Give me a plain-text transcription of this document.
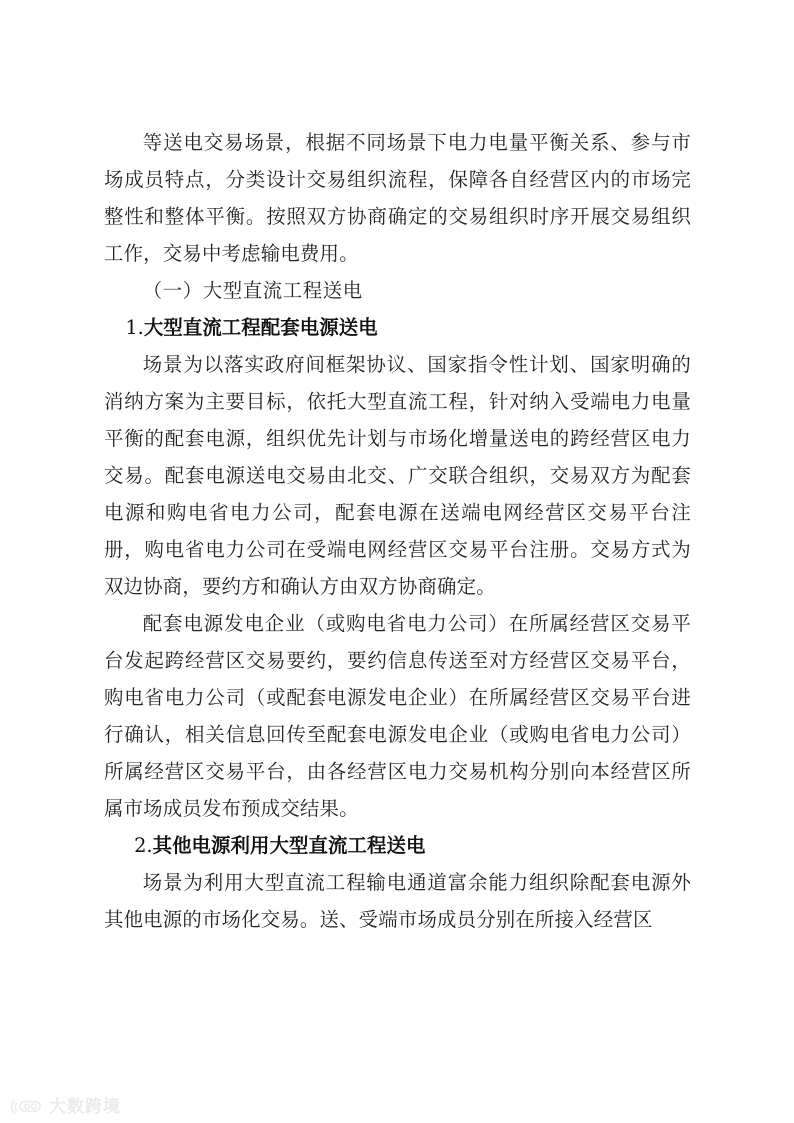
等送电交易场景，根据不同场景下电力电量平衡关系、参与市场成员特点，分类设计交易组织流程，保障各自经营区内的市场完整性和整体平衡。按照双方协商确定的交易组织时序开展交易组织工作，交易中考虑输电费用。

（一）大型直流工程送电

1.大型直流工程配套电源送电

场景为以落实政府间框架协议、国家指令性计划、国家明确的消纳方案为主要目标，依托大型直流工程，针对纳入受端电力电量平衡的配套电源，组织优先计划与市场化增量送电的跨经营区电力交易。配套电源送电交易由北交、广交联合组织，交易双方为配套电源和购电省电力公司，配套电源在送端电网经营区交易平台注册，购电省电力公司在受端电网经营区交易平台注册。交易方式为双边协商，要约方和确认方由双方协商确定。

配套电源发电企业（或购电省电力公司）在所属经营区交易平台发起跨经营区交易要约，要约信息传送至对方经营区交易平台，购电省电力公司（或配套电源发电企业）在所属经营区交易平台进行确认，相关信息回传至配套电源发电企业（或购电省电力公司）所属经营区交易平台，由各经营区电力交易机构分别向本经营区所属市场成员发布预成交结果。

2.其他电源利用大型直流工程送电

场景为利用大型直流工程输电通道富余能力组织除配套电源外其他电源的市场化交易。送、受端市场成员分别在所接入经营区

大数跨境
